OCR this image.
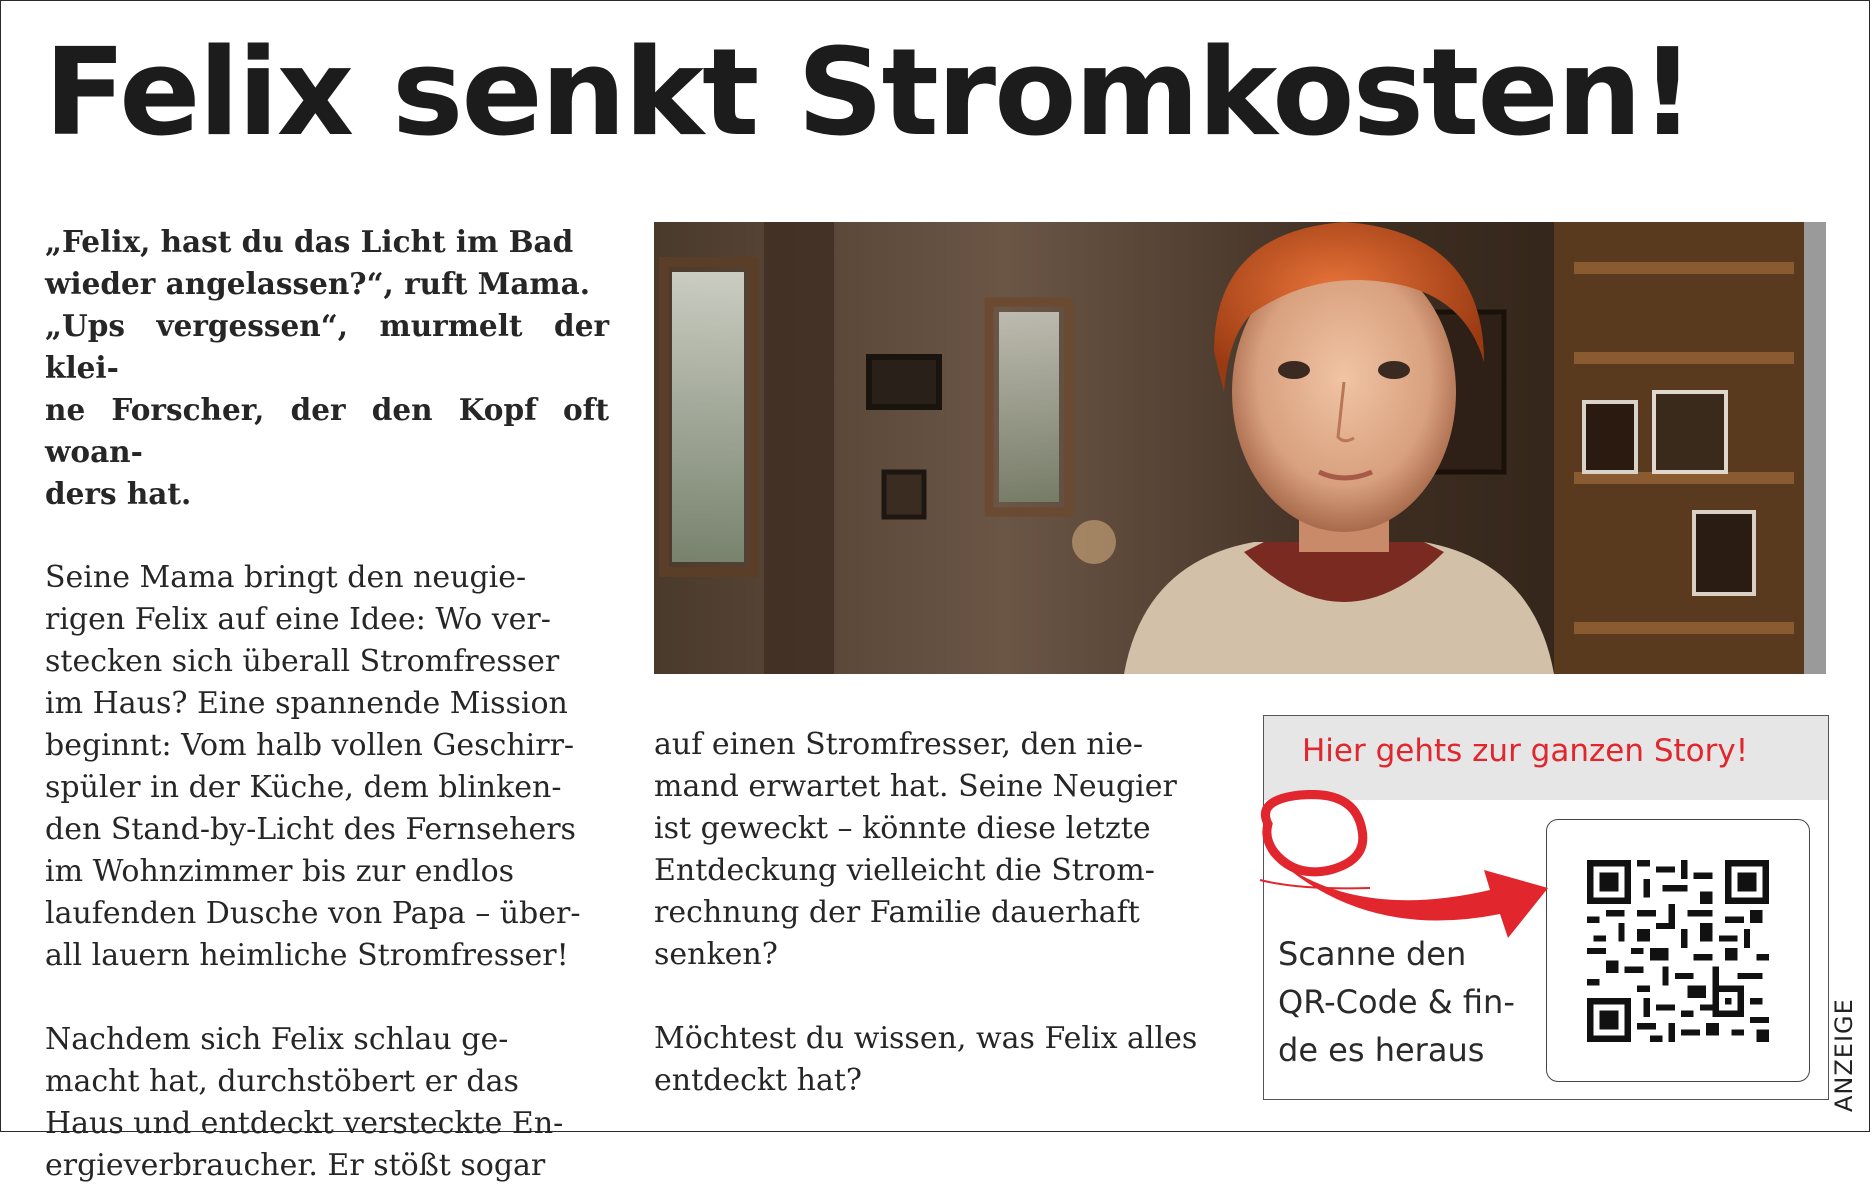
Felix senkt Stromkosten!

„Felix, hast du das Licht im Bad
wieder angelassen?“, ruft Mama.
„Ups vergessen“, murmelt der klei-
ne Forscher, der den Kopf oft woan-
ders hat.

Seine Mama bringt den neugie-
rigen Felix auf eine Idee: Wo ver-
stecken sich überall Stromfresser
im Haus? Eine spannende Mission
beginnt: Vom halb vollen Geschirr-
spüler in der Küche, dem blinken-
den Stand-by-Licht des Fernsehers
im Wohnzimmer bis zur endlos
laufenden Dusche von Papa – über-
all lauern heimliche Stromfresser!

Nachdem sich Felix schlau ge-
macht hat, durchstöbert er das
Haus und entdeckt versteckte En-
ergieverbraucher. Er stößt sogar

auf einen Stromfresser, den nie-
mand erwartet hat. Seine Neugier
ist geweckt – könnte diese letzte
Entdeckung vielleicht die Strom-
rechnung der Familie dauerhaft
senken?

Möchtest du wissen, was Felix alles
entdeckt hat?

Hier gehts zur ganzen Story!
Scanne den
QR-Code & fin-
de es heraus	ANZEIGE
